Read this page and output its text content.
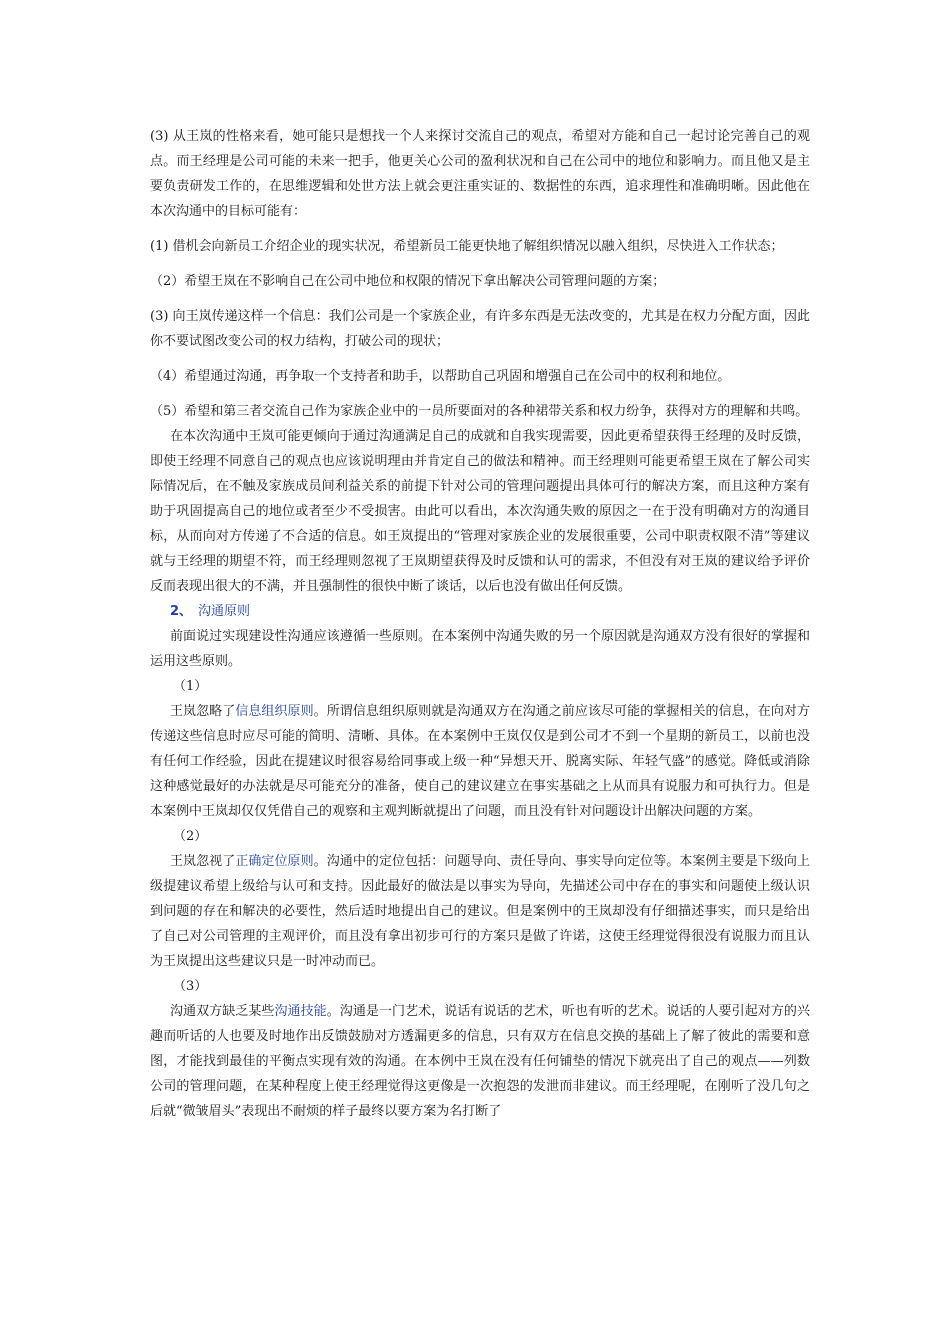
(3) 从王岚的性格来看，她可能只是想找一个人来探讨交流自己的观点，希望对方能和自己一起讨论完善自己的观点。而王经理是公司可能的未来一把手，他更关心公司的盈利状况和自己在公司中的地位和影响力。而且他又是主要负责研发工作的，在思维逻辑和处世方法上就会更注重实证的、数据性的东西，追求理性和准确明晰。因此他在本次沟通中的目标可能有：

(1) 借机会向新员工介绍企业的现实状况，希望新员工能更快地了解组织情况以融入组织，尽快进入工作状态；

（2）希望王岚在不影响自己在公司中地位和权限的情况下拿出解决公司管理问题的方案；

(3) 向王岚传递这样一个信息：我们公司是一个家族企业，有许多东西是无法改变的，尤其是在权力分配方面，因此你不要试图改变公司的权力结构，打破公司的现状；

（4）希望通过沟通，再争取一个支持者和助手，以帮助自己巩固和增强自己在公司中的权利和地位。

（5）希望和第三者交流自己作为家族企业中的一员所要面对的各种裙带关系和权力纷争，获得对方的理解和共鸣。

在本次沟通中王岚可能更倾向于通过沟通满足自己的成就和自我实现需要，因此更希望获得王经理的及时反馈，即使王经理不同意自己的观点也应该说明理由并肯定自己的做法和精神。而王经理则可能更希望王岚在了解公司实际情况后，在不触及家族成员间利益关系的前提下针对公司的管理问题提出具体可行的解决方案，而且这种方案有助于巩固提高自己的地位或者至少不受损害。由此可以看出，本次沟通失败的原因之一在于没有明确对方的沟通目标，从而向对方传递了不合适的信息。如王岚提出的“管理对家族企业的发展很重要，公司中职责权限不清”等建议就与王经理的期望不符，而王经理则忽视了王岚期望获得及时反馈和认可的需求，不但没有对王岚的建议给予评价反而表现出很大的不满，并且强制性的很快中断了谈话，以后也没有做出任何反馈。

2、 沟通原则

前面说过实现建设性沟通应该遵循一些原则。在本案例中沟通失败的另一个原因就是沟通双方没有很好的掌握和运用这些原则。

（1）

王岚忽略了信息组织原则。所谓信息组织原则就是沟通双方在沟通之前应该尽可能的掌握相关的信息，在向对方传递这些信息时应尽可能的简明、清晰、具体。在本案例中王岚仅仅是到公司才不到一个星期的新员工，以前也没有任何工作经验，因此在提建议时很容易给同事或上级一种“异想天开、脱离实际、年轻气盛”的感觉。降低或消除这种感觉最好的办法就是尽可能充分的准备，使自己的建议建立在事实基础之上从而具有说服力和可执行力。但是本案例中王岚却仅仅凭借自己的观察和主观判断就提出了问题，而且没有针对问题设计出解决问题的方案。

（2）

王岚忽视了正确定位原则。沟通中的定位包括：问题导向、责任导向、事实导向定位等。本案例主要是下级向上级提建议希望上级给与认可和支持。因此最好的做法是以事实为导向，先描述公司中存在的事实和问题使上级认识到问题的存在和解决的必要性，然后适时地提出自己的建议。但是案例中的王岚却没有仔细描述事实，而只是给出了自己对公司管理的主观评价，而且没有拿出初步可行的方案只是做了许诺，这使王经理觉得很没有说服力而且认为王岚提出这些建议只是一时冲动而已。

（3）

沟通双方缺乏某些沟通技能。沟通是一门艺术，说话有说话的艺术，听也有听的艺术。说话的人要引起对方的兴趣而听话的人也要及时地作出反馈鼓励对方透漏更多的信息，只有双方在信息交换的基础上了解了彼此的需要和意图，才能找到最佳的平衡点实现有效的沟通。在本例中王岚在没有任何铺垫的情况下就亮出了自己的观点——列数公司的管理问题，在某种程度上使王经理觉得这更像是一次抱怨的发泄而非建议。而王经理呢，在刚听了没几句之后就“微皱眉头”表现出不耐烦的样子最终以要方案为名打断了
